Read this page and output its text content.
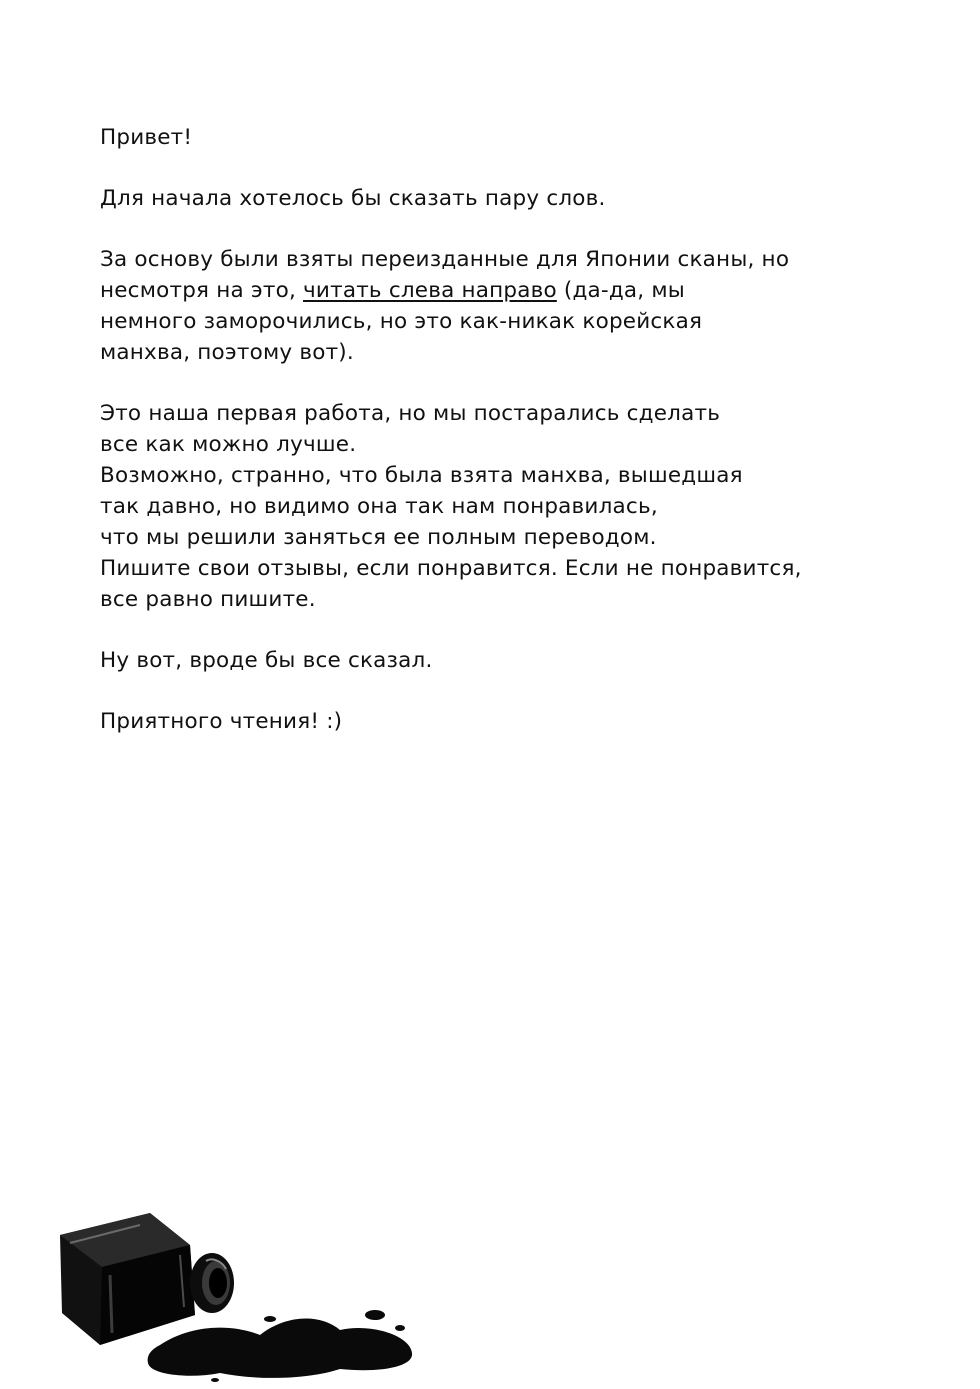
Привет!

Для начала хотелось бы сказать пару слов.

За основу были взяты переизданные для Японии сканы, но

несмотря на это, читать слева направо (да-да, мы

немного заморочились, но это как-никак корейская

манхва, поэтому вот).

Это наша первая работа, но мы постарались сделать

все как можно лучше.

Возможно, странно, что была взята манхва, вышедшая

так давно, но видимо она так нам понравилась,

что мы решили заняться ее полным переводом.

Пишите свои отзывы, если понравится. Если не понравится,

все равно пишите.

Ну вот, вроде бы все сказал.

Приятного чтения! :)
